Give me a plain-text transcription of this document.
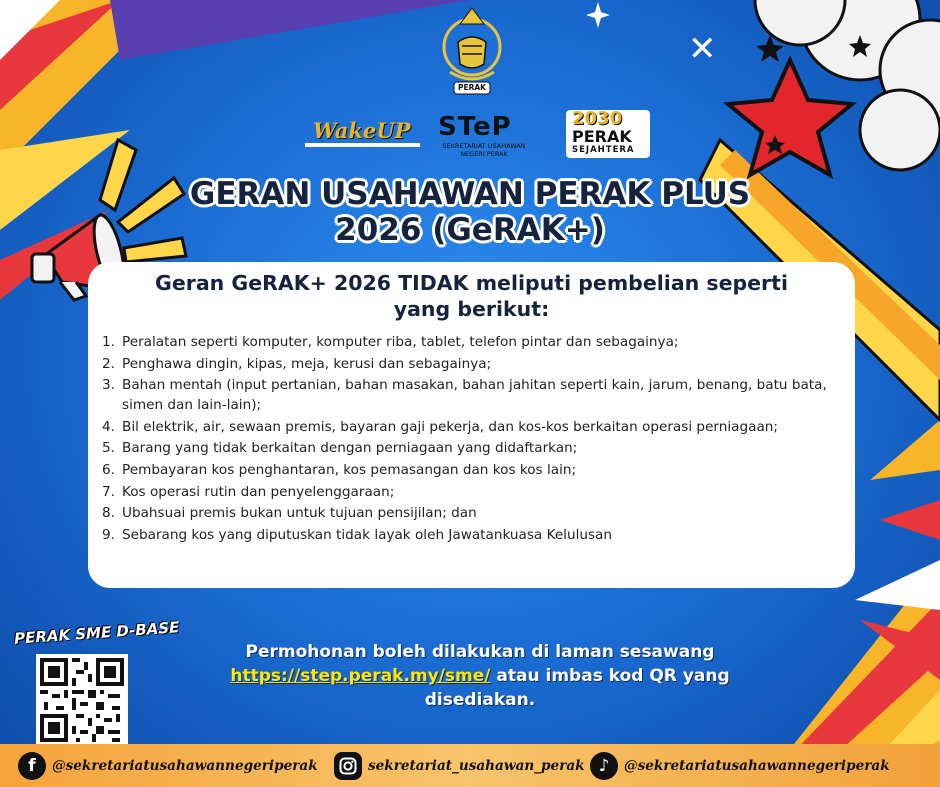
✕
PERAK
WakeUP STeP
SEKRETARIAT USAHAWAN NEGERI PERAK
2030
PERAK
SEJAHTERA
GERAN USAHAWAN PERAK PLUS
2026 (GeRAK+)
Geran GeRAK+ 2026 TIDAK meliputi pembelian seperti
yang berikut:
1. Peralatan seperti komputer, komputer riba, tablet, telefon pintar dan sebagainya;
2. Penghawa dingin, kipas, meja, kerusi dan sebagainya;
3. Bahan mentah (input pertanian, bahan masakan, bahan jahitan seperti kain, jarum, benang, batu bata, simen dan lain-lain);
4. Bil elektrik, air, sewaan premis, bayaran gaji pekerja, dan kos-kos berkaitan operasi perniagaan;
5. Barang yang tidak berkaitan dengan perniagaan yang didaftarkan;
6. Pembayaran kos penghantaran, kos pemasangan dan kos kos lain;
7. Kos operasi rutin dan penyelenggaraan;
8. Ubahsuai premis bukan untuk tujuan pensijilan; dan
9. Sebarang kos yang diputuskan tidak layak oleh Jawatankuasa Kelulusan
PERAK SME D-BASE
Permohonan boleh dilakukan di laman sesawang
https://step.perak.my/sme/ atau imbas kod QR yang
disediakan.
f	@sekretariatusahawannegeriperak	sekretariat_usahawan_perak ♪	@sekretariatusahawannegeriperak
